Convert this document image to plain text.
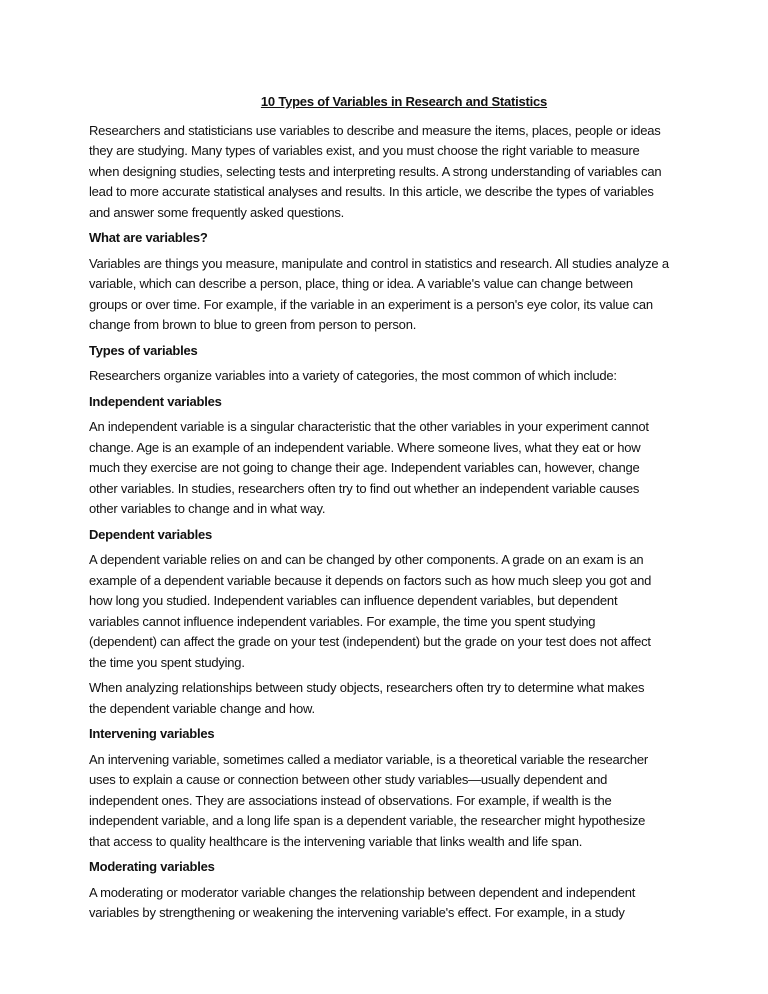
10 Types of Variables in Research and Statistics
Researchers and statisticians use variables to describe and measure the items, places, people or ideas
they are studying. Many types of variables exist, and you must choose the right variable to measure
when designing studies, selecting tests and interpreting results. A strong understanding of variables can
lead to more accurate statistical analyses and results. In this article, we describe the types of variables
and answer some frequently asked questions.
What are variables?
Variables are things you measure, manipulate and control in statistics and research. All studies analyze a
variable, which can describe a person, place, thing or idea. A variable's value can change between
groups or over time. For example, if the variable in an experiment is a person's eye color, its value can
change from brown to blue to green from person to person.
Types of variables
Researchers organize variables into a variety of categories, the most common of which include:
Independent variables
An independent variable is a singular characteristic that the other variables in your experiment cannot
change. Age is an example of an independent variable. Where someone lives, what they eat or how
much they exercise are not going to change their age. Independent variables can, however, change
other variables. In studies, researchers often try to find out whether an independent variable causes
other variables to change and in what way.
Dependent variables
A dependent variable relies on and can be changed by other components. A grade on an exam is an
example of a dependent variable because it depends on factors such as how much sleep you got and
how long you studied. Independent variables can influence dependent variables, but dependent
variables cannot influence independent variables. For example, the time you spent studying
(dependent) can affect the grade on your test (independent) but the grade on your test does not affect
the time you spent studying.
When analyzing relationships between study objects, researchers often try to determine what makes
the dependent variable change and how.
Intervening variables
An intervening variable, sometimes called a mediator variable, is a theoretical variable the researcher
uses to explain a cause or connection between other study variables—usually dependent and
independent ones. They are associations instead of observations. For example, if wealth is the
independent variable, and a long life span is a dependent variable, the researcher might hypothesize
that access to quality healthcare is the intervening variable that links wealth and life span.
Moderating variables
A moderating or moderator variable changes the relationship between dependent and independent
variables by strengthening or weakening the intervening variable's effect. For example, in a study
